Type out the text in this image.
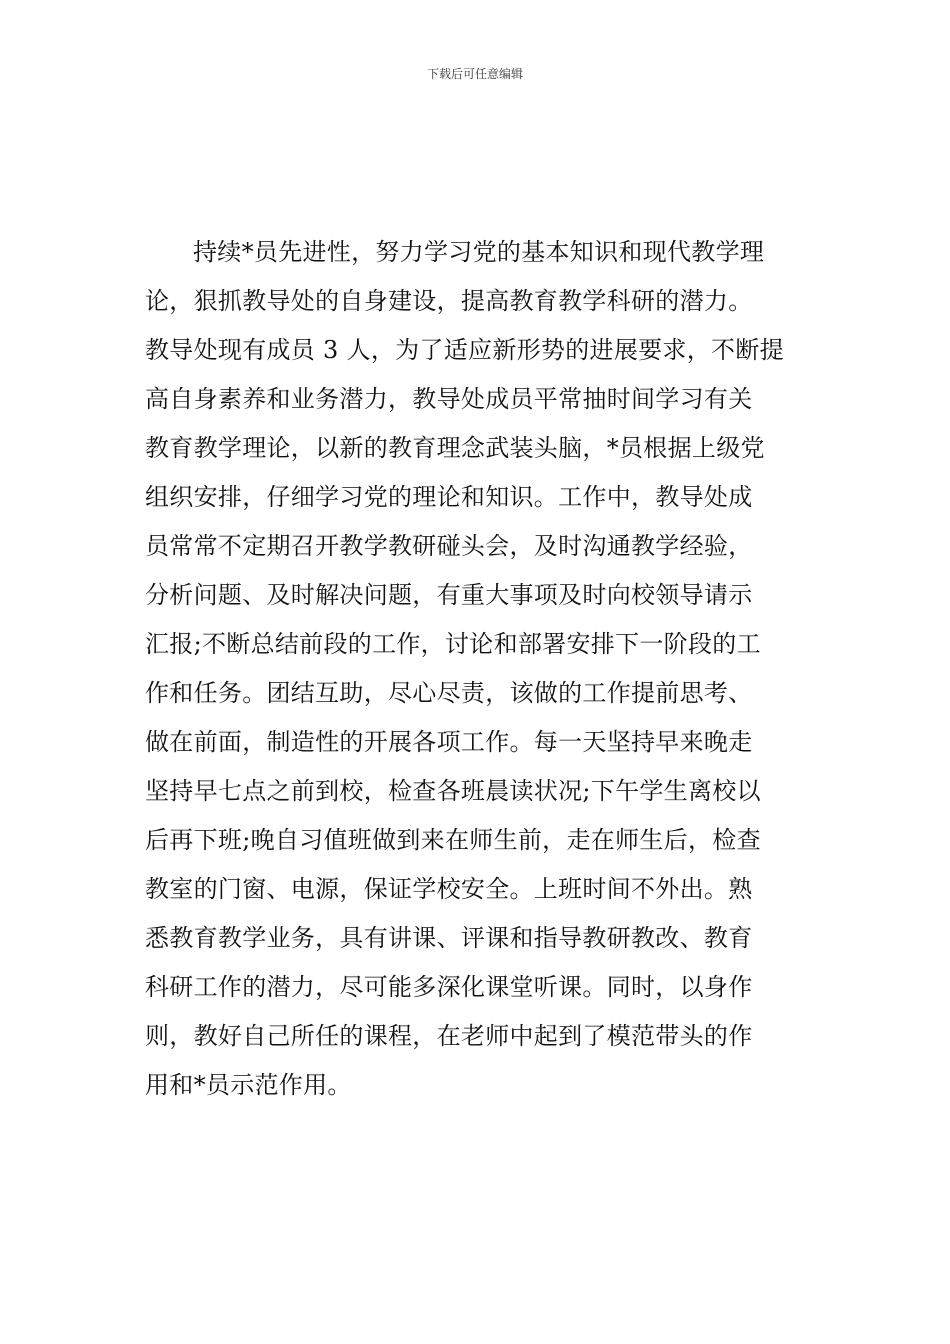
下载后可任意编辑
持续*员先进性，努力学习党的基本知识和现代教学理
论，狠抓教导处的自身建设，提高教育教学科研的潜力。
教导处现有成员 3 人，为了适应新形势的进展要求，不断提
高自身素养和业务潜力，教导处成员平常抽时间学习有关
教育教学理论，以新的教育理念武装头脑，*员根据上级党
组织安排，仔细学习党的理论和知识。工作中，教导处成
员常常不定期召开教学教研碰头会，及时沟通教学经验，
分析问题、及时解决问题，有重大事项及时向校领导请示
汇报;不断总结前段的工作，讨论和部署安排下一阶段的工
作和任务。团结互助，尽心尽责，该做的工作提前思考、
做在前面，制造性的开展各项工作。每一天坚持早来晚走
坚持早七点之前到校，检查各班晨读状况;下午学生离校以
后再下班;晚自习值班做到来在师生前，走在师生后，检查
教室的门窗、电源，保证学校安全。上班时间不外出。熟
悉教育教学业务，具有讲课、评课和指导教研教改、教育
科研工作的潜力，尽可能多深化课堂听课。同时，以身作
则，教好自己所任的课程，在老师中起到了模范带头的作
用和*员示范作用。
